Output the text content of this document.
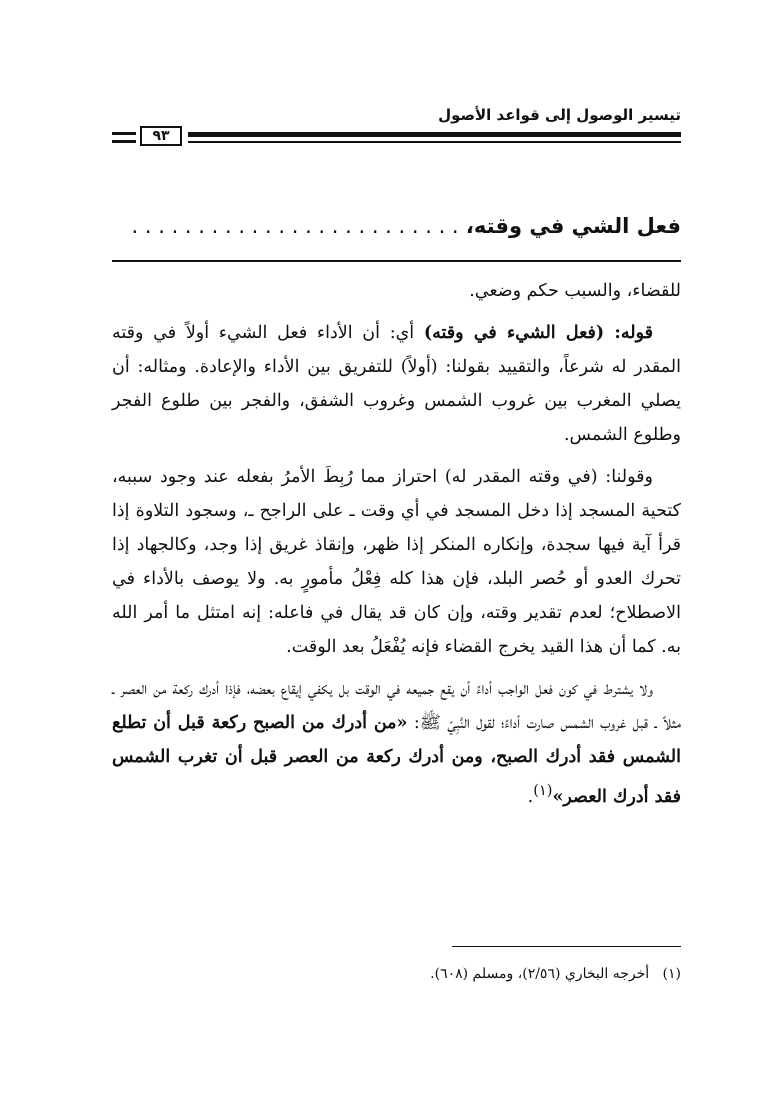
تيسير الوصول إلى قواعد الأصول
٩٣
فعل الشي في وقته، . . . . . . . . . . . . . . . . . . . . . . . . .

للقضاء، والسبب حكم وضعي.

قوله: (فعل الشيء في وقته) أي: أن الأداء فعل الشيء أولاً في وقته المقدر له شرعاً، والتقييد بقولنا: (أولاً) للتفريق بين الأداء والإعادة. ومثاله: أن يصلي المغرب بين غروب الشمس وغروب الشفق، والفجر بين طلوع الفجر وطلوع الشمس.

وقولنا: (في وقته المقدر له) احتراز مما رُبِطَ الأمرُ بفعله عند وجود سببه، كتحية المسجد إذا دخل المسجد في أي وقت ـ على الراجح ـ، وسجود التلاوة إذا قرأ آية فيها سجدة، وإنكاره المنكر إذا ظهر، وإنقاذ غريق إذا وجد، وكالجهاد إذا تحرك العدو أو حُصر البلد، فإن هذا كله فِعْلُ مأمورٍ به. ولا يوصف بالأداء في الاصطلاح؛ لعدم تقدير وقته، وإن كان قد يقال في فاعله: إنه امتثل ما أمر الله به. كما أن هذا القيد يخرج القضاء فإنه يُفْعَلُ بعد الوقت.

ولا يشترط في كون فعل الواجب أداءً أن يقع جميعه في الوقت بل يكفي إيقاع بعضه، فإذا أدرك ركعة من العصر ـ مثلاً ـ قبل غروب الشمس صارت أداءً؛ لقول النَّبِيّ ﷺ: «من أدرك من الصبح ركعة قبل أن تطلع الشمس فقد أدرك الصبح، ومن أدرك ركعة من العصر قبل أن تغرب الشمس فقد أدرك العصر»$^{(١)}$.

(١)   أخرجه البخاري (٢/٥٦)، ومسلم (٦٠٨).
